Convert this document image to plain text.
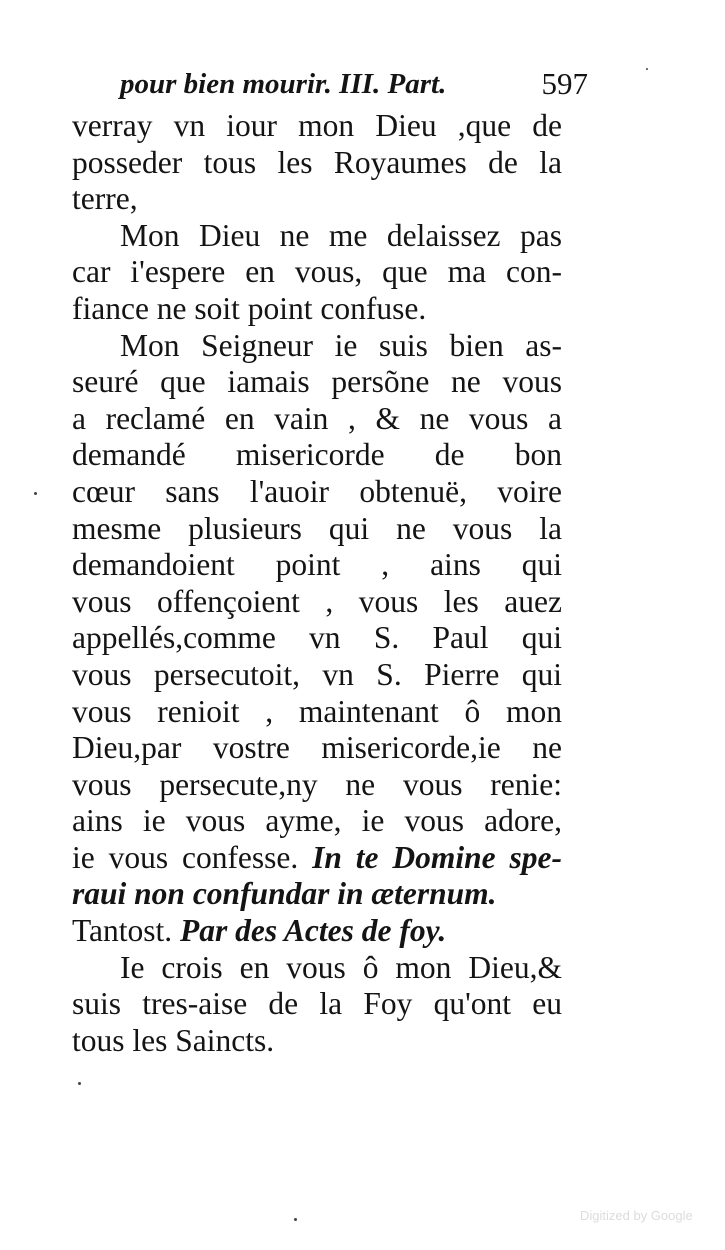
pour bien mourir. III. Part.	597
verray vn iour mon Dieu ,que de
posseder tous les Royaumes de la
terre,
Mon Dieu ne me delaissez pas
car i'espere en vous, que ma con-
fiance ne soit point confuse.
Mon Seigneur ie suis bien as-
seuré que iamais persõne ne vous
a reclamé en vain , & ne vous a
demandé misericorde de bon
cœur sans l'auoir obtenuë, voire
mesme plusieurs qui ne vous la
demandoient point , ains qui
vous offençoient , vous les auez
appellés,comme vn S. Paul qui
vous persecutoit, vn S. Pierre qui
vous renioit , maintenant ô mon
Dieu,par vostre misericorde,ie ne
vous persecute,ny ne vous renie:
ains ie vous ayme, ie vous adore,
ie vous confesse. In te Domine spe-
raui non confundar in æternum.
Tantost. Par des Actes de foy.
Ie crois en vous ô mon Dieu,&
suis tres-aise de la Foy qu'ont eu
tous les Saincts.
Digitized by Google
